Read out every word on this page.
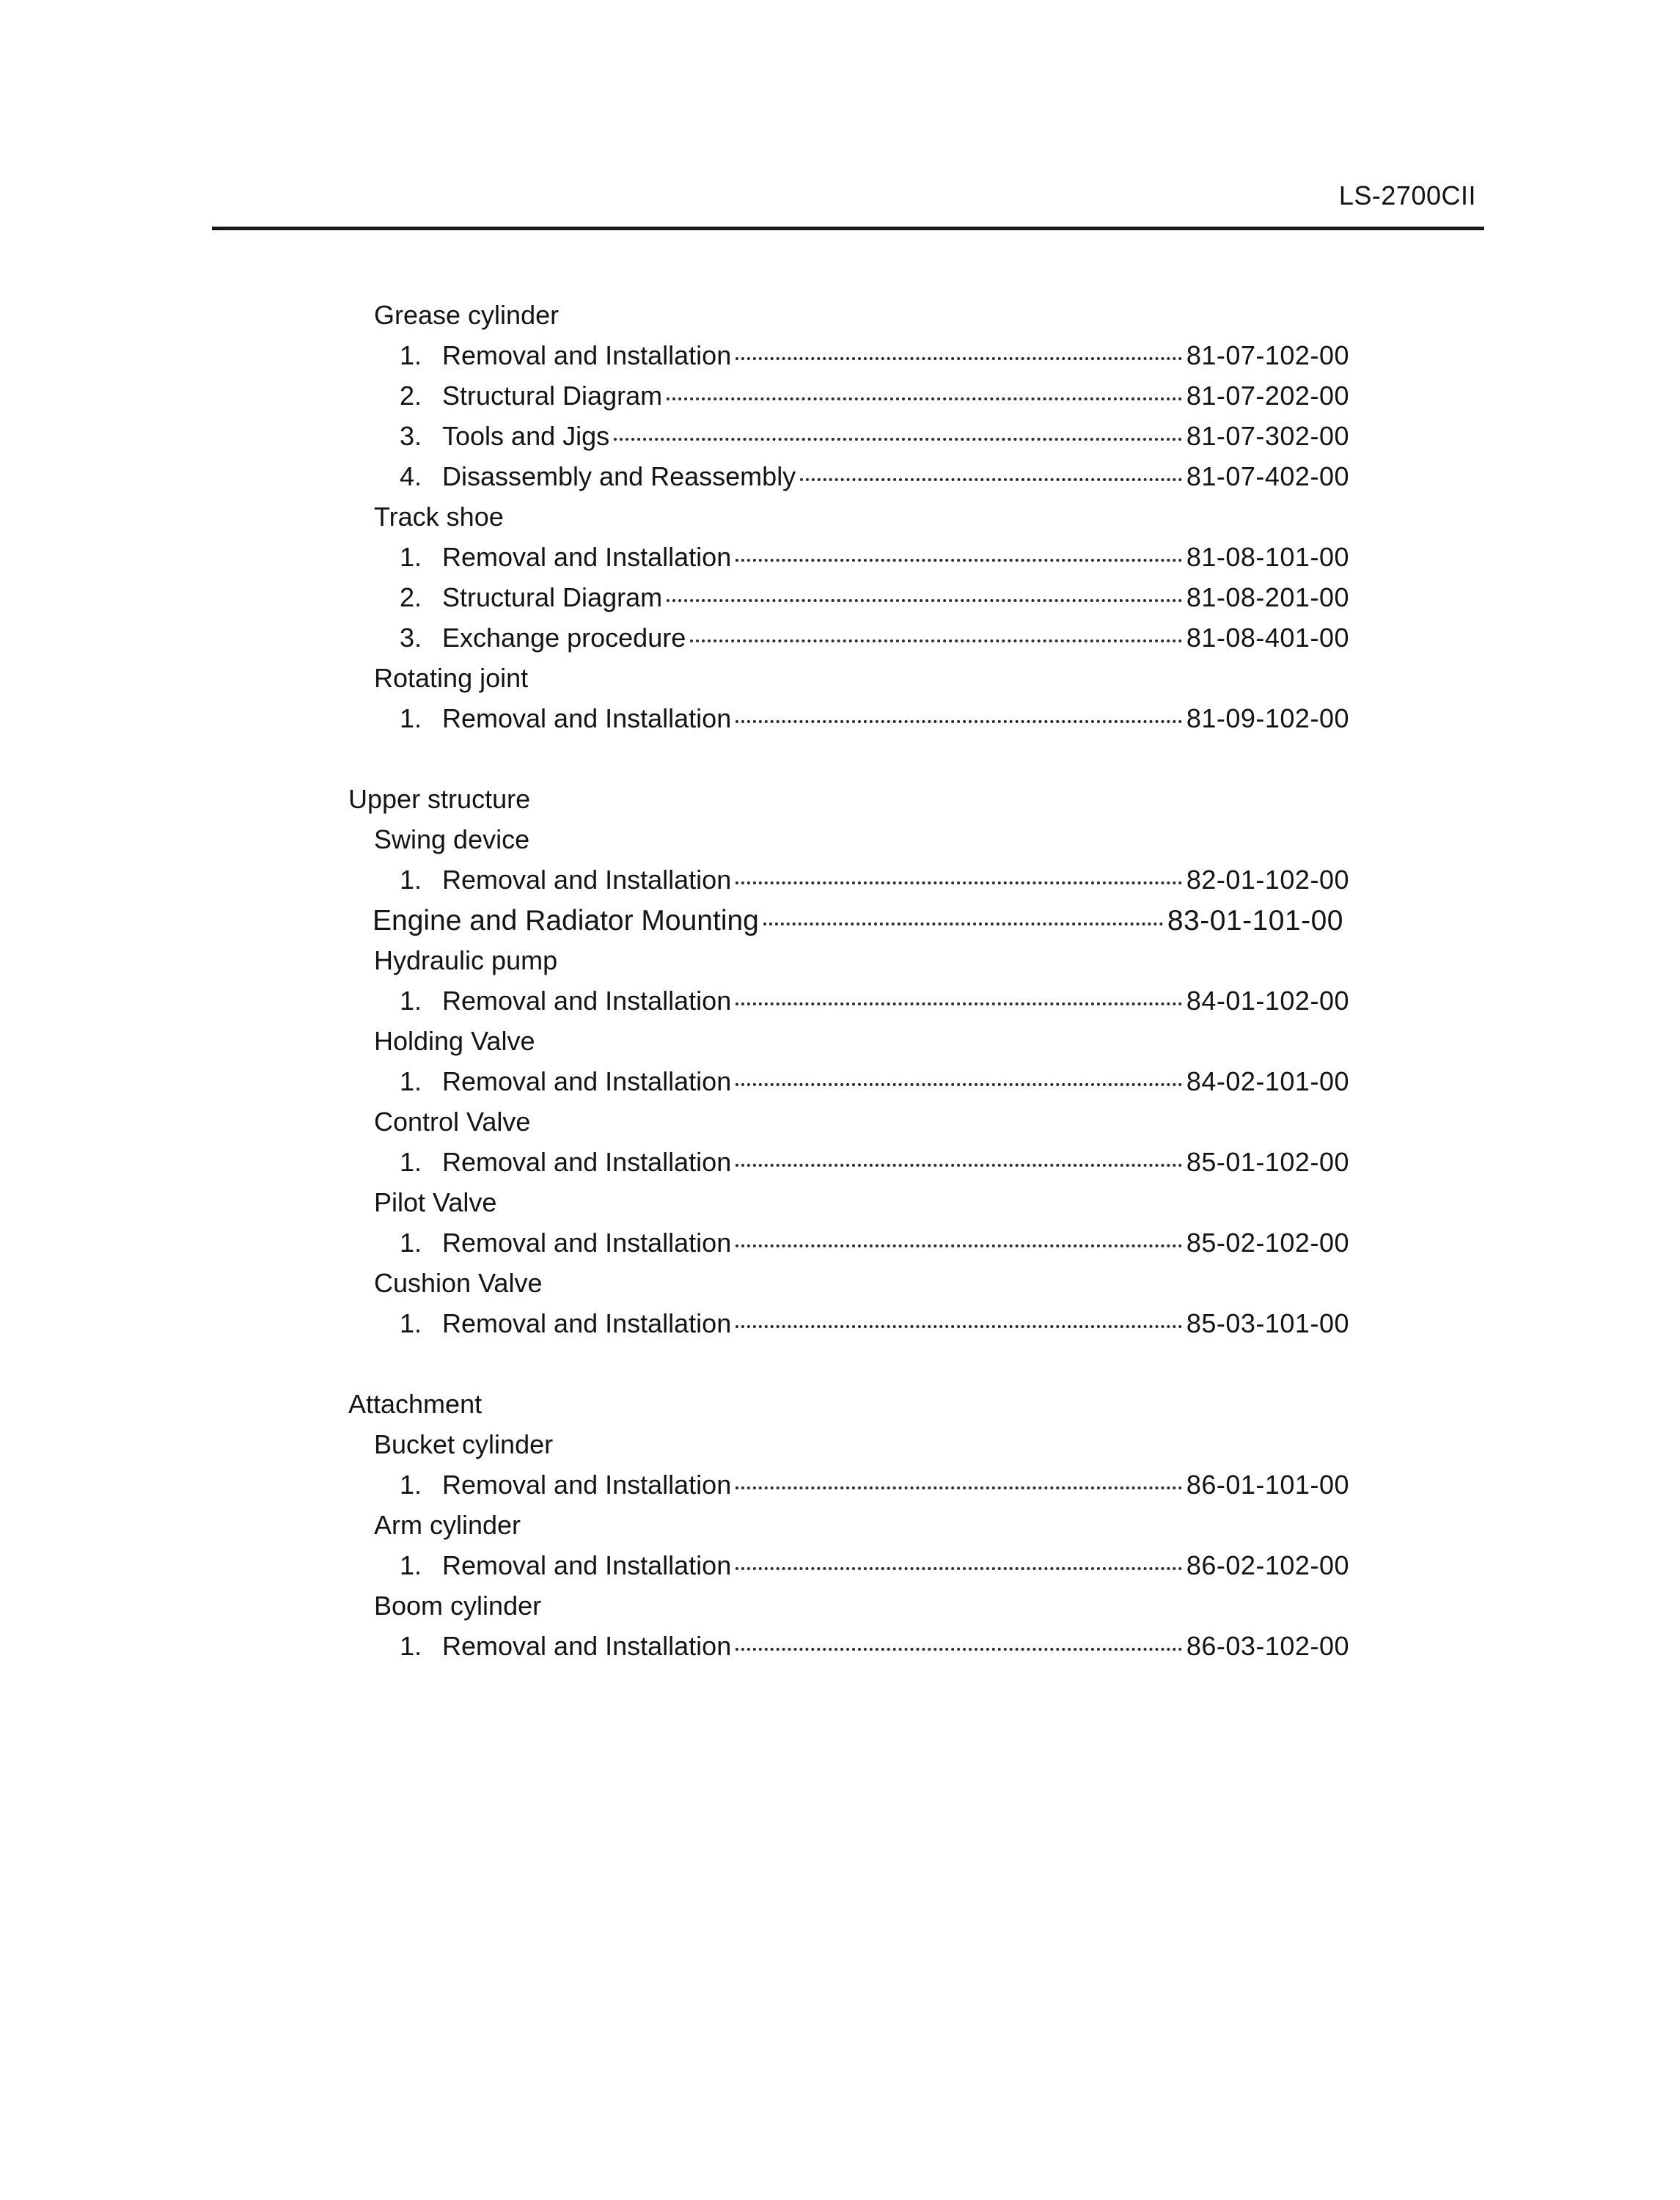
LS-2700CII
Grease cylinder
1. Removal and Installation	81-07-102-00
2. Structural Diagram	81-07-202-00
3. Tools and Jigs	81-07-302-00
4. Disassembly and Reassembly	81-07-402-00
Track shoe
1. Removal and Installation	81-08-101-00
2. Structural Diagram	81-08-201-00
3. Exchange procedure	81-08-401-00
Rotating joint
1. Removal and Installation	81-09-102-00
Upper structure
Swing device
1. Removal and Installation	82-01-102-00
Engine and Radiator Mounting	83-01-101-00
Hydraulic pump
1. Removal and Installation	84-01-102-00
Holding Valve
1. Removal and Installation	84-02-101-00
Control Valve
1. Removal and Installation	85-01-102-00
Pilot Valve
1. Removal and Installation	85-02-102-00
Cushion Valve
1. Removal and Installation	85-03-101-00
Attachment
Bucket cylinder
1. Removal and Installation	86-01-101-00
Arm cylinder
1. Removal and Installation	86-02-102-00
Boom cylinder
1. Removal and Installation	86-03-102-00
